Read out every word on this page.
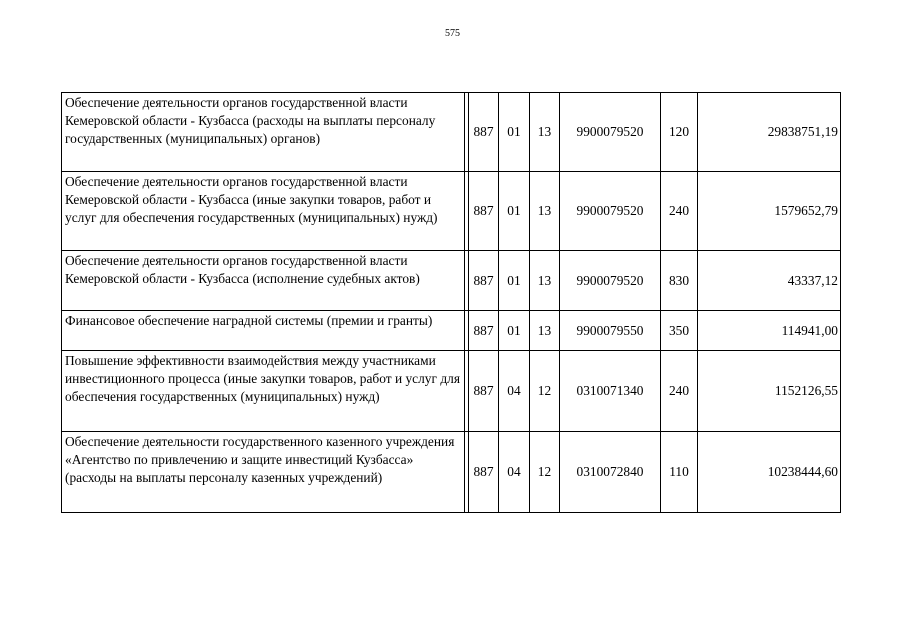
575
Обеспечение деятельности органов государственной власти Кемеровской области - Кузбасса (расходы на выплаты персоналу государственных (муниципальных) органов)		887	01	13	9900079520	120	29838751,19
Обеспечение деятельности органов государственной власти Кемеровской области - Кузбасса (иные закупки товаров, работ и услуг для обеспечения государственных (муниципальных) нужд)		887	01	13	9900079520	240	1579652,79
Обеспечение деятельности органов государственной власти Кемеровской области - Кузбасса (исполнение судебных актов)		887	01	13	9900079520	830	43337,12
Финансовое обеспечение наградной системы (премии и гранты)		887	01	13	9900079550	350	114941,00
Повышение эффективности взаимодействия между участниками инвестиционного процесса (иные закупки товаров, работ и услуг для обеспечения государственных (муниципальных) нужд)		887	04	12	0310071340	240	1152126,55
Обеспечение деятельности государственного казенного учреждения «Агентство по привлечению и защите инвестиций Кузбасса» (расходы на выплаты персоналу казенных учреждений)		887	04	12	0310072840	110	10238444,60
